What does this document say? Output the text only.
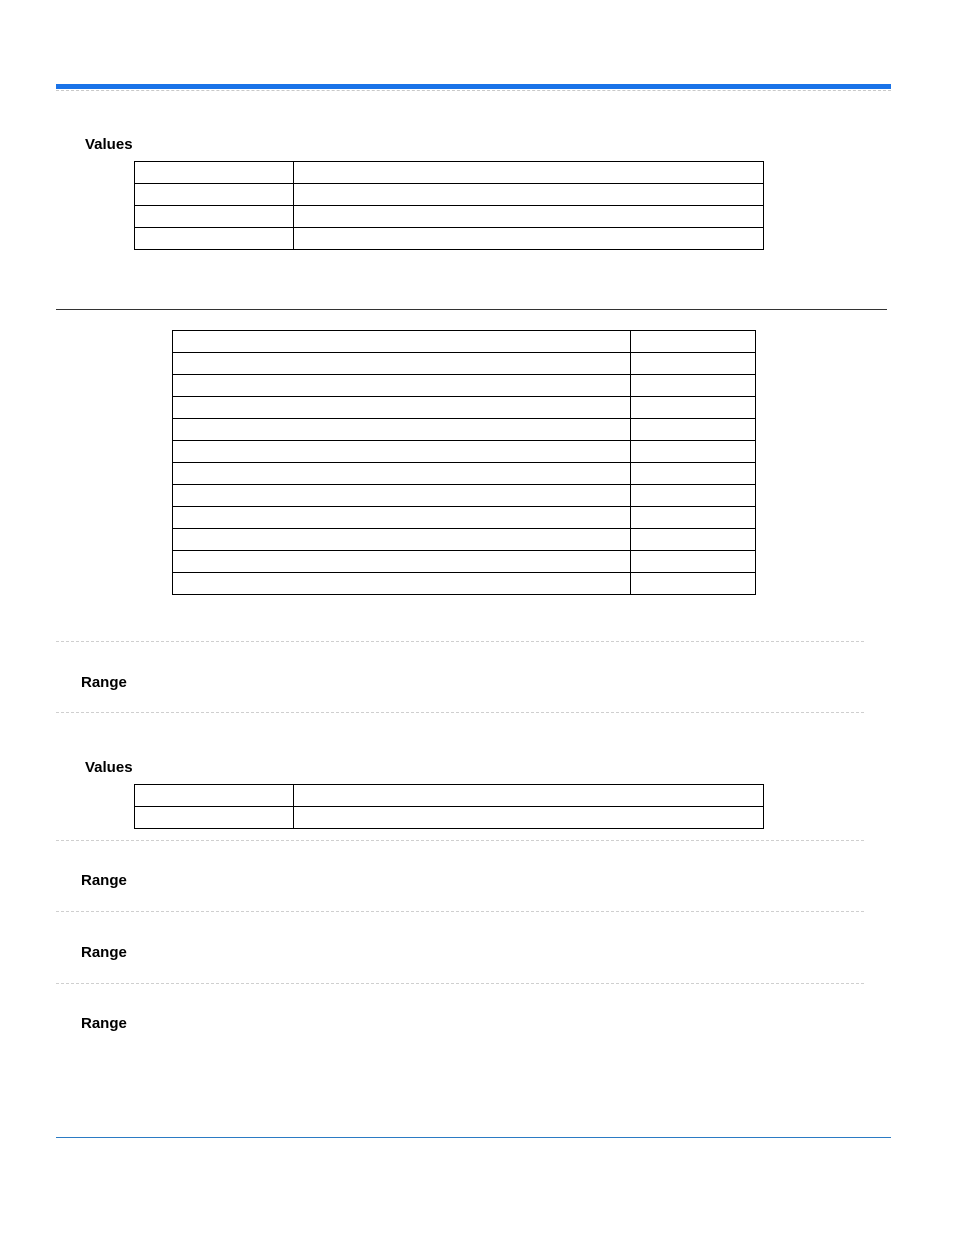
Values

Range
Values

Range
Range
Range
